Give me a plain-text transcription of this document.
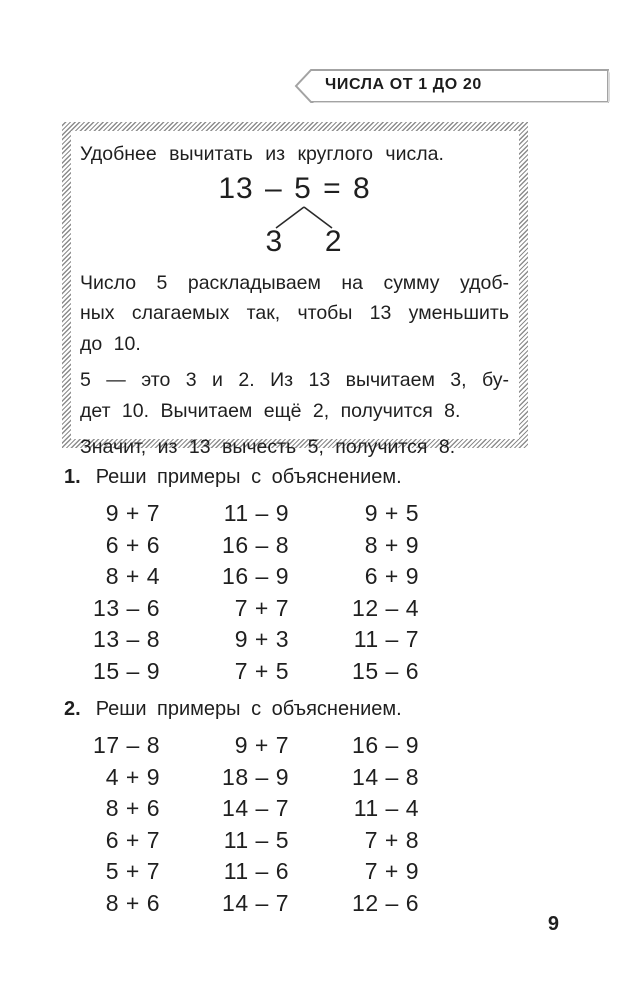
ЧИСЛА ОТ 1 ДО 20
Удобнее вычитать из круглого числа.
13 – 5 = 8
3 2
Число 5 раскладываем на сумму удоб-
ных слагаемых так, чтобы 13 уменьшить
до 10.
5 — это 3 и 2. Из 13 вычитаем 3, бу-
дет 10. Вычитаем ещё 2, получится 8.
Значит, из 13 вычесть 5, получится 8.
1. Реши примеры с объяснением.
9 + 7	11 – 9	9 + 5
6 + 6	16 – 8	8 + 9
8 + 4	16 – 9	6 + 9
13 – 6	7 + 7	12 – 4
13 – 8	9 + 3	11 – 7
15 – 9	7 + 5	15 – 6
2. Реши примеры с объяснением.
17 – 8	9 + 7	16 – 9
4 + 9	18 – 9	14 – 8
8 + 6	14 – 7	11 – 4
6 + 7	11 – 5	7 + 8
5 + 7	11 – 6	7 + 9
8 + 6	14 – 7	12 – 6
9
